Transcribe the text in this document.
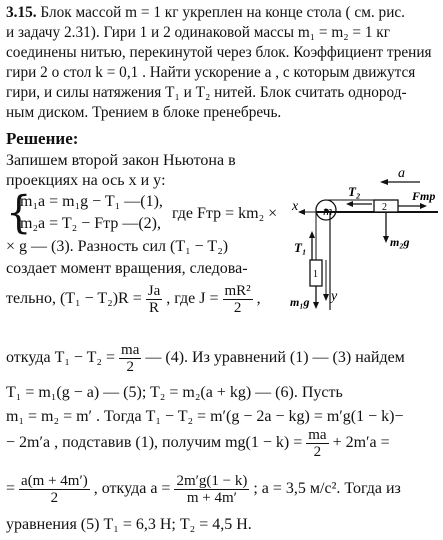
3.15. Блок массой m = 1 кг укреплен на конце стола ( см. рис.
и задачу 2.31). Гири 1 и 2 одинаковой массы m₁ = m₂ = 1 кг
соединены нитью, перекинутой через блок. Коэффициент трения
гири 2 о стол k = 0,1 . Найти ускорение a , с которым движутся
гири, и силы натяжения T₁ и T₂ нитей. Блок считать однород-
ным диском. Трением в блоке пренебречь.
Решение:
Запишем второй закон Ньютона в
проекциях на ось x и y:
{
m₁a = m₁g − T₁ —(1),
m₂a = T₂ − Fтр —(2),
где Fтр = km₂ ×
× g — (3). Разность сил (T₁ − T₂)
создает момент вращения, следова-
тельно, $(T_1 - T_2)R = \frac{Ja}{R}$ , где $J = \frac{\text{mR²}}{2}$ ,
откуда $T_1 - T_2 = \frac{ma}{2}$ — (4). Из уравнений (1) — (3) найдем
T₁ = m₁(g − a) — (5); T₂ = m₂(a + kg) — (6). Пусть
m₁ = m₂ = m′ . Тогда T₁ − T₂ = m′(g − 2a − kg) = m′g(1 − k)−
− 2m′a , подставив (1), получим $mg(1 - k) = \frac{ma}{2} + 2m'a$ =
= $\frac{a(m + 4m')}{2}$ , откуда $a = \frac{2m'g(1 - k)}{m + 4m'}$ ; a = 3,5 м/с². Тогда из
уравнения (5) T₁ = 6,3 Н; T₂ = 4,5 Н.
a
m
x	2
T₂	Fтр
m₂g
T₁
1
m₁g y
